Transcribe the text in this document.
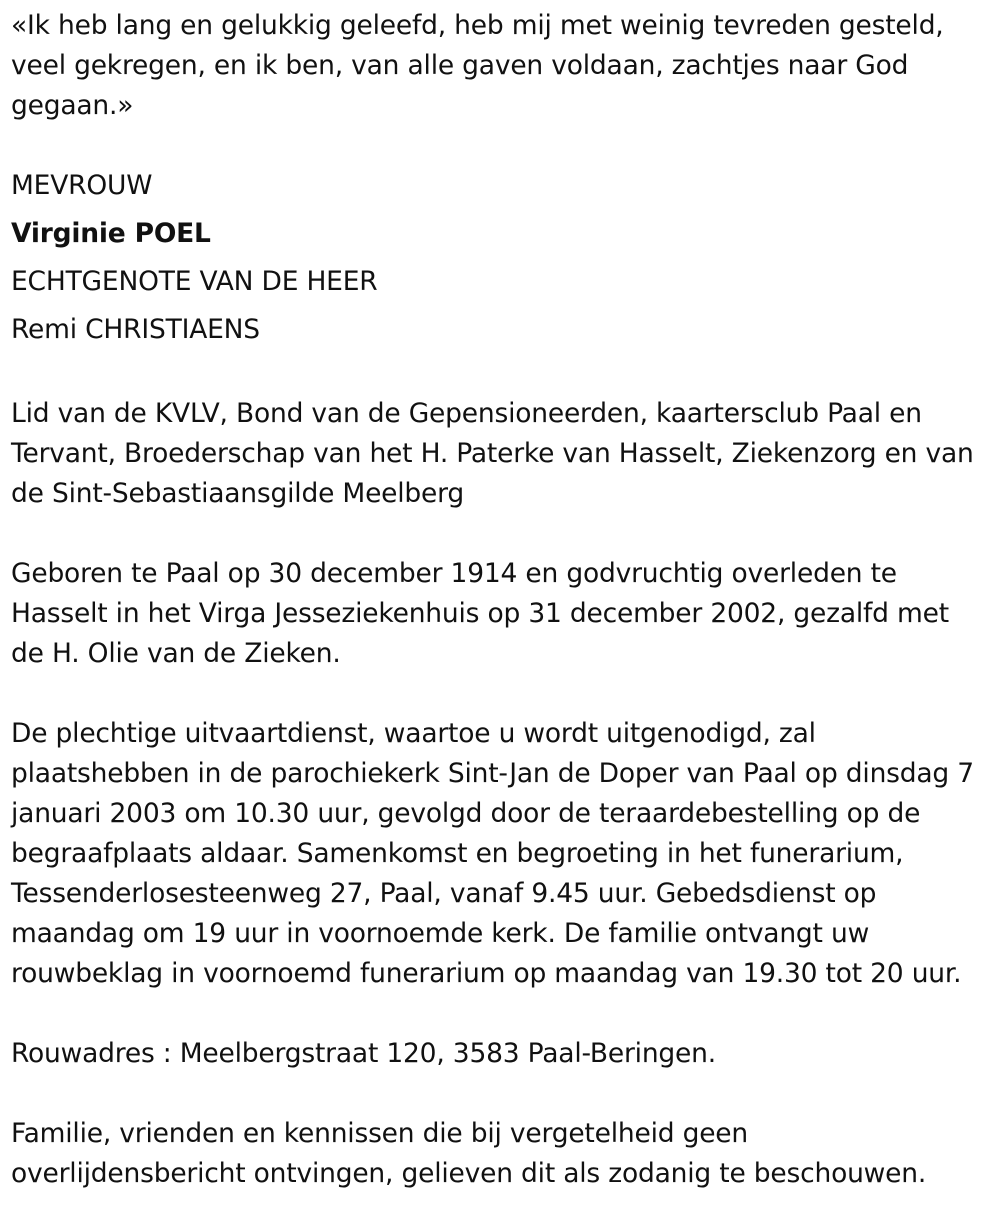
«Ik heb lang en gelukkig geleefd, heb mij met weinig tevreden gesteld,
veel gekregen, en ik ben, van alle gaven voldaan, zachtjes naar God
gegaan.»
MEVROUW
Virginie POEL
ECHTGENOTE VAN DE HEER
Remi CHRISTIAENS
Lid van de KVLV, Bond van de Gepensioneerden, kaartersclub Paal en
Tervant, Broederschap van het H. Paterke van Hasselt, Ziekenzorg en van
de Sint-Sebastiaansgilde Meelberg
Geboren te Paal op 30 december 1914 en godvruchtig overleden te
Hasselt in het Virga Jesseziekenhuis op 31 december 2002, gezalfd met
de H. Olie van de Zieken.
De plechtige uitvaartdienst, waartoe u wordt uitgenodigd, zal
plaatshebben in de parochiekerk Sint-Jan de Doper van Paal op dinsdag 7
januari 2003 om 10.30 uur, gevolgd door de teraardebestelling op de
begraafplaats aldaar. Samenkomst en begroeting in het funerarium,
Tessenderlosesteenweg 27, Paal, vanaf 9.45 uur. Gebedsdienst op
maandag om 19 uur in voornoemde kerk. De familie ontvangt uw
rouwbeklag in voornoemd funerarium op maandag van 19.30 tot 20 uur.
Rouwadres : Meelbergstraat 120, 3583 Paal-Beringen.
Familie, vrienden en kennissen die bij vergetelheid geen
overlijdensbericht ontvingen, gelieven dit als zodanig te beschouwen.
